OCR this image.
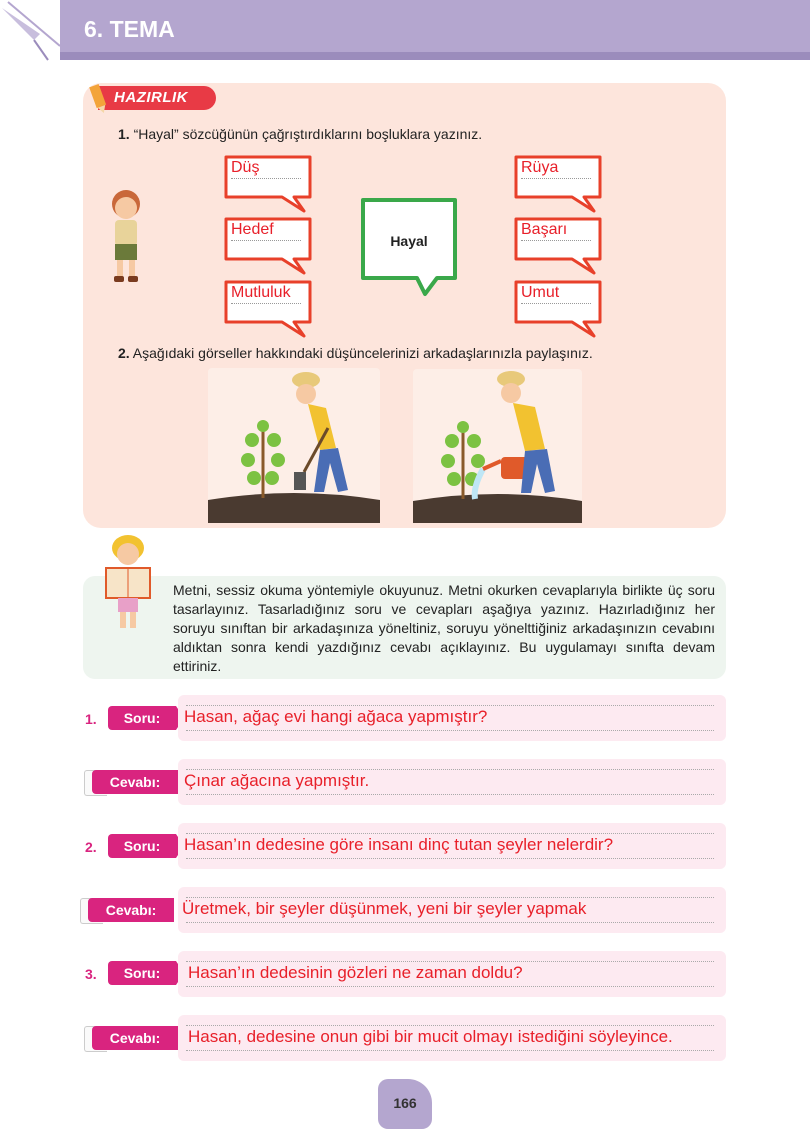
6. TEMA
HAZIRLIK
1. “Hayal” sözcüğünün çağrıştırdıklarını boşluklara yazınız.
Düş
Hedef
Mutluluk
Rüya
Başarı
Umut
Hayal
2. Aşağıdaki görseller hakkındaki düşüncelerinizi arkadaşlarınızla paylaşınız.
Metni, sessiz okuma yöntemiyle okuyunuz. Metni okurken cevaplarıyla birlikte üç soru tasarlayınız. Tasarladığınız soru ve cevapları aşağıya yazınız. Hazırladığınız her soruyu sınıftan bir arkadaşınıza yöneltiniz, soruyu yönelttiğiniz arkadaşınızın cevabını aldıktan sonra kendi yazdığınız cevabı açıklayınız. Bu uygulamayı sınıfta devam ettiriniz.
1.	Soru:	Hasan, ağaç evi hangi ağaca yapmıştır?
Cevabı:	Çınar ağacına yapmıştır.
2.	Soru:	Hasan’ın dedesine göre insanı dinç tutan şeyler nelerdir?
Cevabı:	Üretmek, bir şeyler düşünmek, yeni bir şeyler yapmak
3.	Soru:	Hasan’ın dedesinin gözleri ne zaman doldu?
Cevabı:	Hasan, dedesine onun gibi bir mucit olmayı istediğini söyleyince.
166
